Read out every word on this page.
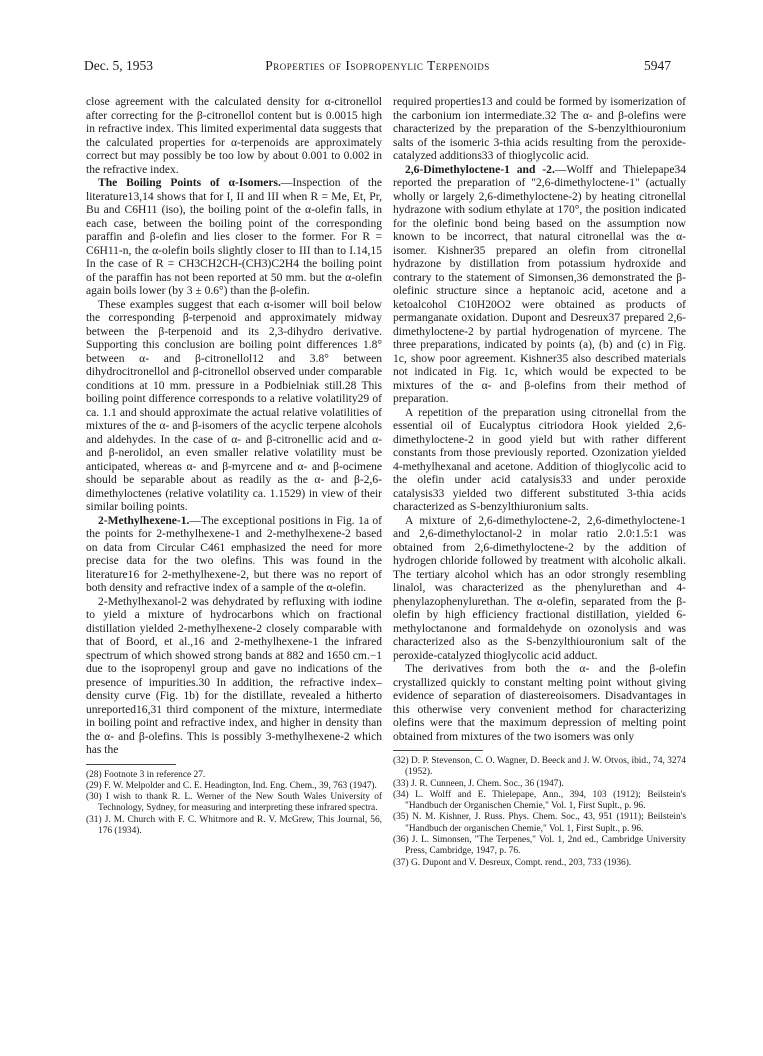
Dec. 5, 1953	Properties of Isopropenylic Terpenoids	5947

close agreement with the calculated density for α-citronellol after correcting for the β-citronellol content but is 0.0015 high in refractive index. This limited experimental data suggests that the calculated properties for α-terpenoids are approximately correct but may possibly be too low by about 0.001 to 0.002 in the refractive index.

The Boiling Points of α-Isomers.—Inspection of the literature13,14 shows that for I, II and III when R = Me, Et, Pr, Bu and C6H11 (iso), the boiling point of the α-olefin falls, in each case, between the boiling point of the corresponding paraffin and β-olefin and lies closer to the former. For R = C6H11-n, the α-olefin boils slightly closer to III than to I.14,15 In the case of R = CH3CH2CH-(CH3)C2H4 the boiling point of the paraffin has not been reported at 50 mm. but the α-olefin again boils lower (by 3 ± 0.6°) than the β-olefin.

These examples suggest that each α-isomer will boil below the corresponding β-terpenoid and approximately midway between the β-terpenoid and its 2,3-dihydro derivative. Supporting this conclusion are boiling point differences 1.8° between α- and β-citronellol12 and 3.8° between dihydrocitronellol and β-citronellol observed under comparable conditions at 10 mm. pressure in a Podbielniak still.28 This boiling point difference corresponds to a relative volatility29 of ca. 1.1 and should approximate the actual relative volatilities of mixtures of the α- and β-isomers of the acyclic terpene alcohols and aldehydes. In the case of α- and β-citronellic acid and α- and β-nerolidol, an even smaller relative volatility must be anticipated, whereas α- and β-myrcene and α- and β-ocimene should be separable about as readily as the α- and β-2,6-dimethyloctenes (relative volatility ca. 1.1529) in view of their similar boiling points.

2-Methylhexene-1.—The exceptional positions in Fig. 1a of the points for 2-methylhexene-1 and 2-methylhexene-2 based on data from Circular C461 emphasized the need for more precise data for the two olefins. This was found in the literature16 for 2-methylhexene-2, but there was no report of both density and refractive index of a sample of the α-olefin.

2-Methylhexanol-2 was dehydrated by refluxing with iodine to yield a mixture of hydrocarbons which on fractional distillation yielded 2-methylhexene-2 closely comparable with that of Boord, et al.,16 and 2-methylhexene-1 the infrared spectrum of which showed strong bands at 882 and 1650 cm.−1 due to the isopropenyl group and gave no indications of the presence of impurities.30 In addition, the refractive index–density curve (Fig. 1b) for the distillate, revealed a hitherto unreported16,31 third component of the mixture, intermediate in boiling point and refractive index, and higher in density than the α- and β-olefins. This is possibly 3-methylhexene-2 which has the

(28) Footnote 3 in reference 27.

(29) F. W. Melpolder and C. E. Headington, Ind. Eng. Chem., 39, 763 (1947).

(30) I wish to thank R. L. Werner of the New South Wales University of Technology, Sydney, for measuring and interpreting these infrared spectra.

(31) J. M. Church with F. C. Whitmore and R. V. McGrew, This Journal, 56, 176 (1934).

required properties13 and could be formed by isomerization of the carbonium ion intermediate.32 The α- and β-olefins were characterized by the preparation of the S-benzylthiouronium salts of the isomeric 3-thia acids resulting from the peroxide-catalyzed additions33 of thioglycolic acid.

2,6-Dimethyloctene-1 and -2.—Wolff and Thielepape34 reported the preparation of "2,6-dimethyloctene-1" (actually wholly or largely 2,6-dimethyloctene-2) by heating citronellal hydrazone with sodium ethylate at 170°, the position indicated for the olefinic bond being based on the assumption now known to be incorrect, that natural citronellal was the α-isomer. Kishner35 prepared an olefin from citronellal hydrazone by distillation from potassium hydroxide and contrary to the statement of Simonsen,36 demonstrated the β-olefinic structure since a heptanoic acid, acetone and a ketoalcohol C10H20O2 were obtained as products of permanganate oxidation. Dupont and Desreux37 prepared 2,6-dimethyloctene-2 by partial hydrogenation of myrcene. The three preparations, indicated by points (a), (b) and (c) in Fig. 1c, show poor agreement. Kishner35 also described materials not indicated in Fig. 1c, which would be expected to be mixtures of the α- and β-olefins from their method of preparation.

A repetition of the preparation using citronellal from the essential oil of Eucalyptus citriodora Hook yielded 2,6-dimethyloctene-2 in good yield but with rather different constants from those previously reported. Ozonization yielded 4-methylhexanal and acetone. Addition of thioglycolic acid to the olefin under acid catalysis33 and under peroxide catalysis33 yielded two different substituted 3-thia acids characterized as S-benzylthiuronium salts.

A mixture of 2,6-dimethyloctene-2, 2,6-dimethyloctene-1 and 2,6-dimethyloctanol-2 in molar ratio 2.0:1.5:1 was obtained from 2,6-dimethyloctene-2 by the addition of hydrogen chloride followed by treatment with alcoholic alkali. The tertiary alcohol which has an odor strongly resembling linalol, was characterized as the phenylurethan and 4-phenylazophenylurethan. The α-olefin, separated from the β-olefin by high efficiency fractional distillation, yielded 6-methyloctanone and formaldehyde on ozonolysis and was characterized also as the S-benzylthiouronium salt of the peroxide-catalyzed thioglycolic acid adduct.

The derivatives from both the α- and the β-olefin crystallized quickly to constant melting point without giving evidence of separation of diastereoisomers. Disadvantages in this otherwise very convenient method for characterizing olefins were that the maximum depression of melting point obtained from mixtures of the two isomers was only

(32) D. P. Stevenson, C. O. Wagner, D. Beeck and J. W. Otvos, ibid., 74, 3274 (1952).

(33) J. R. Cunneen, J. Chem. Soc., 36 (1947).

(34) L. Wolff and E. Thielepape, Ann., 394, 103 (1912); Beilstein's "Handbuch der Organischen Chemie," Vol. 1, First Suplt., p. 96.

(35) N. M. Kishner, J. Russ. Phys. Chem. Soc., 43, 951 (1911); Beilstein's "Handbuch der organischen Chemie," Vol. 1, First Suplt., p. 96.

(36) J. L. Simonsen, "The Terpenes," Vol. 1, 2nd ed., Cambridge University Press, Cambridge, 1947, p. 76.

(37) G. Dupont and V. Desreux, Compt. rend., 203, 733 (1936).
